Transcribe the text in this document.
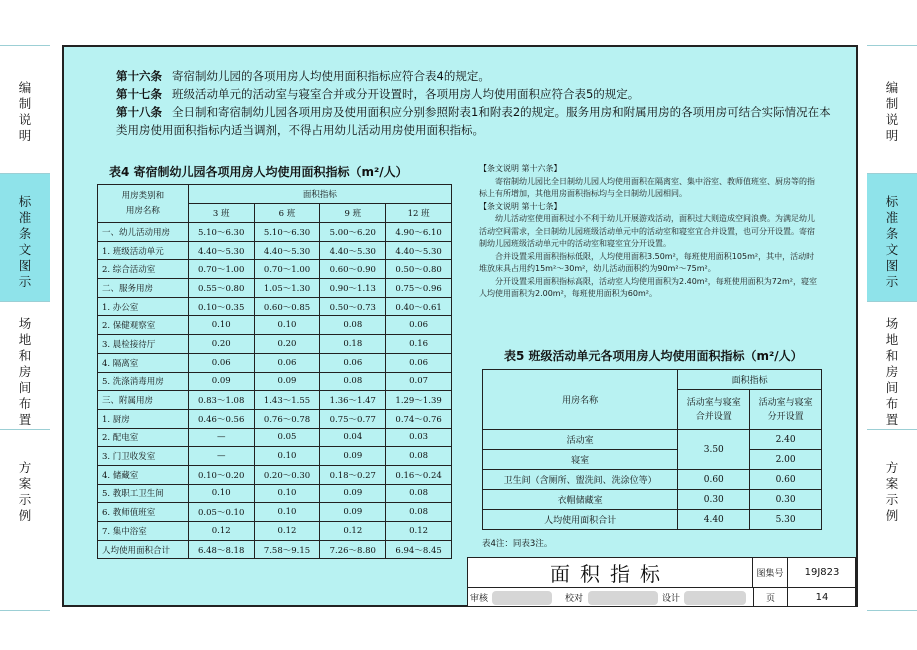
编
制
说
明
标
准
条
文
图
示
场
地
和
房
间
布
置
方
案
示
例
编
制
说
明
标
准
条
文
图
示
场
地
和
房
间
布
置
方
案
示
例

第十六条 寄宿制幼儿园的各项用房人均使用面积指标应符合表4的规定。

第十七条 班级活动单元的活动室与寝室合并或分开设置时，各项用房人均使用面积应符合表5的规定。

第十八条 全日制和寄宿制幼儿园各项用房及使用面积应分别参照附表1和附表2的规定。服务用房和附属用房的各项用房可结合实际情况在本类用房使用面积指标内适当调剂，不得占用幼儿活动用房使用面积指标。

表4 寄宿制幼儿园各项用房人均使用面积指标（m²/人）
用房类别和
用房名称	面积指标			
	3 班	6 班	9 班	12 班
一、幼儿活动用房	5.10～6.30	5.10～6.30	5.00～6.20	4.90～6.10
1. 班级活动单元	4.40～5.30	4.40～5.30	4.40～5.30	4.40～5.30
2. 综合活动室	0.70～1.00	0.70～1.00	0.60～0.90	0.50～0.80
二、服务用房	0.55～0.80	1.05～1.30	0.90～1.13	0.75～0.96
1. 办公室	0.10～0.35	0.60～0.85	0.50～0.73	0.40～0.61
2. 保健观察室	0.10	0.10	0.08	0.06
3. 晨检接待厅	0.20	0.20	0.18	0.16
4. 隔离室	0.06	0.06	0.06	0.06
5. 洗涤消毒用房	0.09	0.09	0.08	0.07
三、附属用房	0.83～1.08	1.43～1.55	1.36～1.47	1.29～1.39
1. 厨房	0.46～0.56	0.76～0.78	0.75～0.77	0.74～0.76
2. 配电室	—	0.05	0.04	0.03
3. 门卫收发室	—	0.10	0.09	0.08
4. 储藏室	0.10～0.20	0.20～0.30	0.18～0.27	0.16～0.24
5. 教职工卫生间	0.10	0.10	0.09	0.08
6. 教师值班室	0.05～0.10	0.10	0.09	0.08
7. 集中浴室	0.12	0.12	0.12	0.12
人均使用面积合计	6.48～8.18	7.58～9.15	7.26～8.80	6.94～8.45

【条文说明 第十六条】

寄宿制幼儿园比全日制幼儿园人均使用面积在隔离室、集中浴室、教师值班室、厨房等的指标上有所增加，其他用房面积指标均与全日制幼儿园相同。

【条文说明 第十七条】

幼儿活动室使用面积过小不利于幼儿开展游戏活动，面积过大则造成空间浪费。为满足幼儿活动空间需求，全日制幼儿园班级活动单元中的活动室和寝室宜合并设置，也可分开设置。寄宿制幼儿园班级活动单元中的活动室和寝室宜分开设置。

合并设置采用面积指标低限，人均使用面积3.50m²，每班使用面积105m²，其中，活动时堆放床具占用约15m²～30m²，幼儿活动面积约为90m²～75m²。

分开设置采用面积指标高限，活动室人均使用面积为2.40m²，每班使用面积为72m²，寝室人均使用面积为2.00m²，每班使用面积为60m²。

表5 班级活动单元各项用房人均使用面积指标（m²/人）
用房名称	面积指标	
	活动室与寝室
合并设置	活动室与寝室
分开设置
活动室	3.50	2.40
寝室		2.00
卫生间（含厕所、盥洗间、洗涂位等）	0.60	0.60
衣帽储藏室	0.30	0.30
人均使用面积合计	4.40	5.30
表4注：同表3注。
面积指标	图集号	19J823
审核	校对	设计	页	14
